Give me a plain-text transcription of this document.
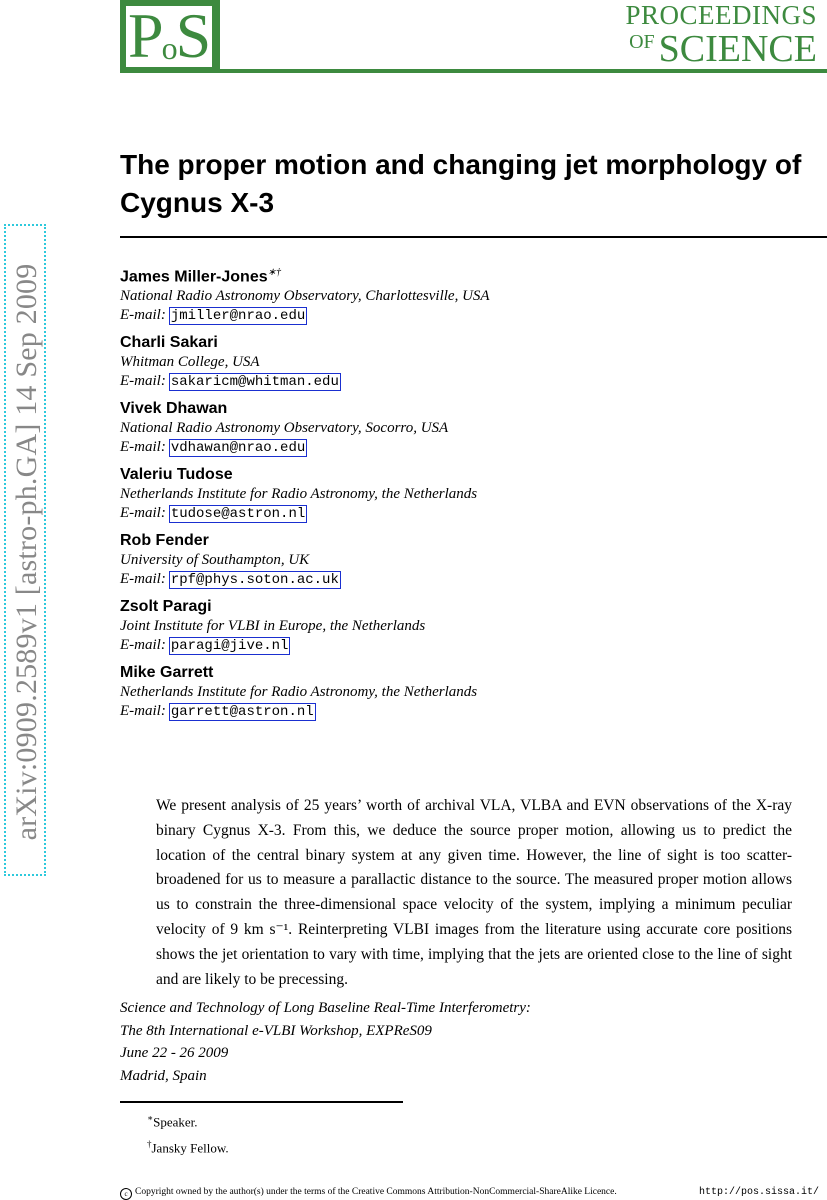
PoS	PROCEEDINGS
$^{OF}$ SCIENCE
The proper motion and changing jet morphology of Cygnus X-3
James Miller-Jones∗†
National Radio Astronomy Observatory, Charlottesville, USA
E-mail: jmiller@nrao.edu
Charli Sakari
Whitman College, USA
E-mail: sakaricm@whitman.edu
Vivek Dhawan
National Radio Astronomy Observatory, Socorro, USA
E-mail: vdhawan@nrao.edu
Valeriu Tudose
Netherlands Institute for Radio Astronomy, the Netherlands
E-mail: tudose@astron.nl
Rob Fender
University of Southampton, UK
E-mail: rpf@phys.soton.ac.uk
Zsolt Paragi
Joint Institute for VLBI in Europe, the Netherlands
E-mail: paragi@jive.nl
Mike Garrett
Netherlands Institute for Radio Astronomy, the Netherlands
E-mail: garrett@astron.nl
We present analysis of 25 years’ worth of archival VLA, VLBA and EVN observations of the X-ray binary Cygnus X-3. From this, we deduce the source proper motion, allowing us to predict the location of the central binary system at any given time. However, the line of sight is too scatter-broadened for us to measure a parallactic distance to the source. The measured proper motion allows us to constrain the three-dimensional space velocity of the system, implying a minimum peculiar velocity of 9 km s⁻¹. Reinterpreting VLBI images from the literature using accurate core positions shows the jet orientation to vary with time, implying that the jets are oriented close to the line of sight and are likely to be precessing.
Science and Technology of Long Baseline Real-Time Interferometry:
The 8th International e-VLBI Workshop, EXPReS09
June 22 - 26 2009
Madrid, Spain
∗Speaker.
†Jansky Fellow.
c Copyright owned by the author(s) under the terms of the Creative Commons Attribution-NonCommercial-ShareAlike Licence.	http://pos.sissa.it/
arXiv:0909.2589v1 [astro-ph.GA] 14 Sep 2009
